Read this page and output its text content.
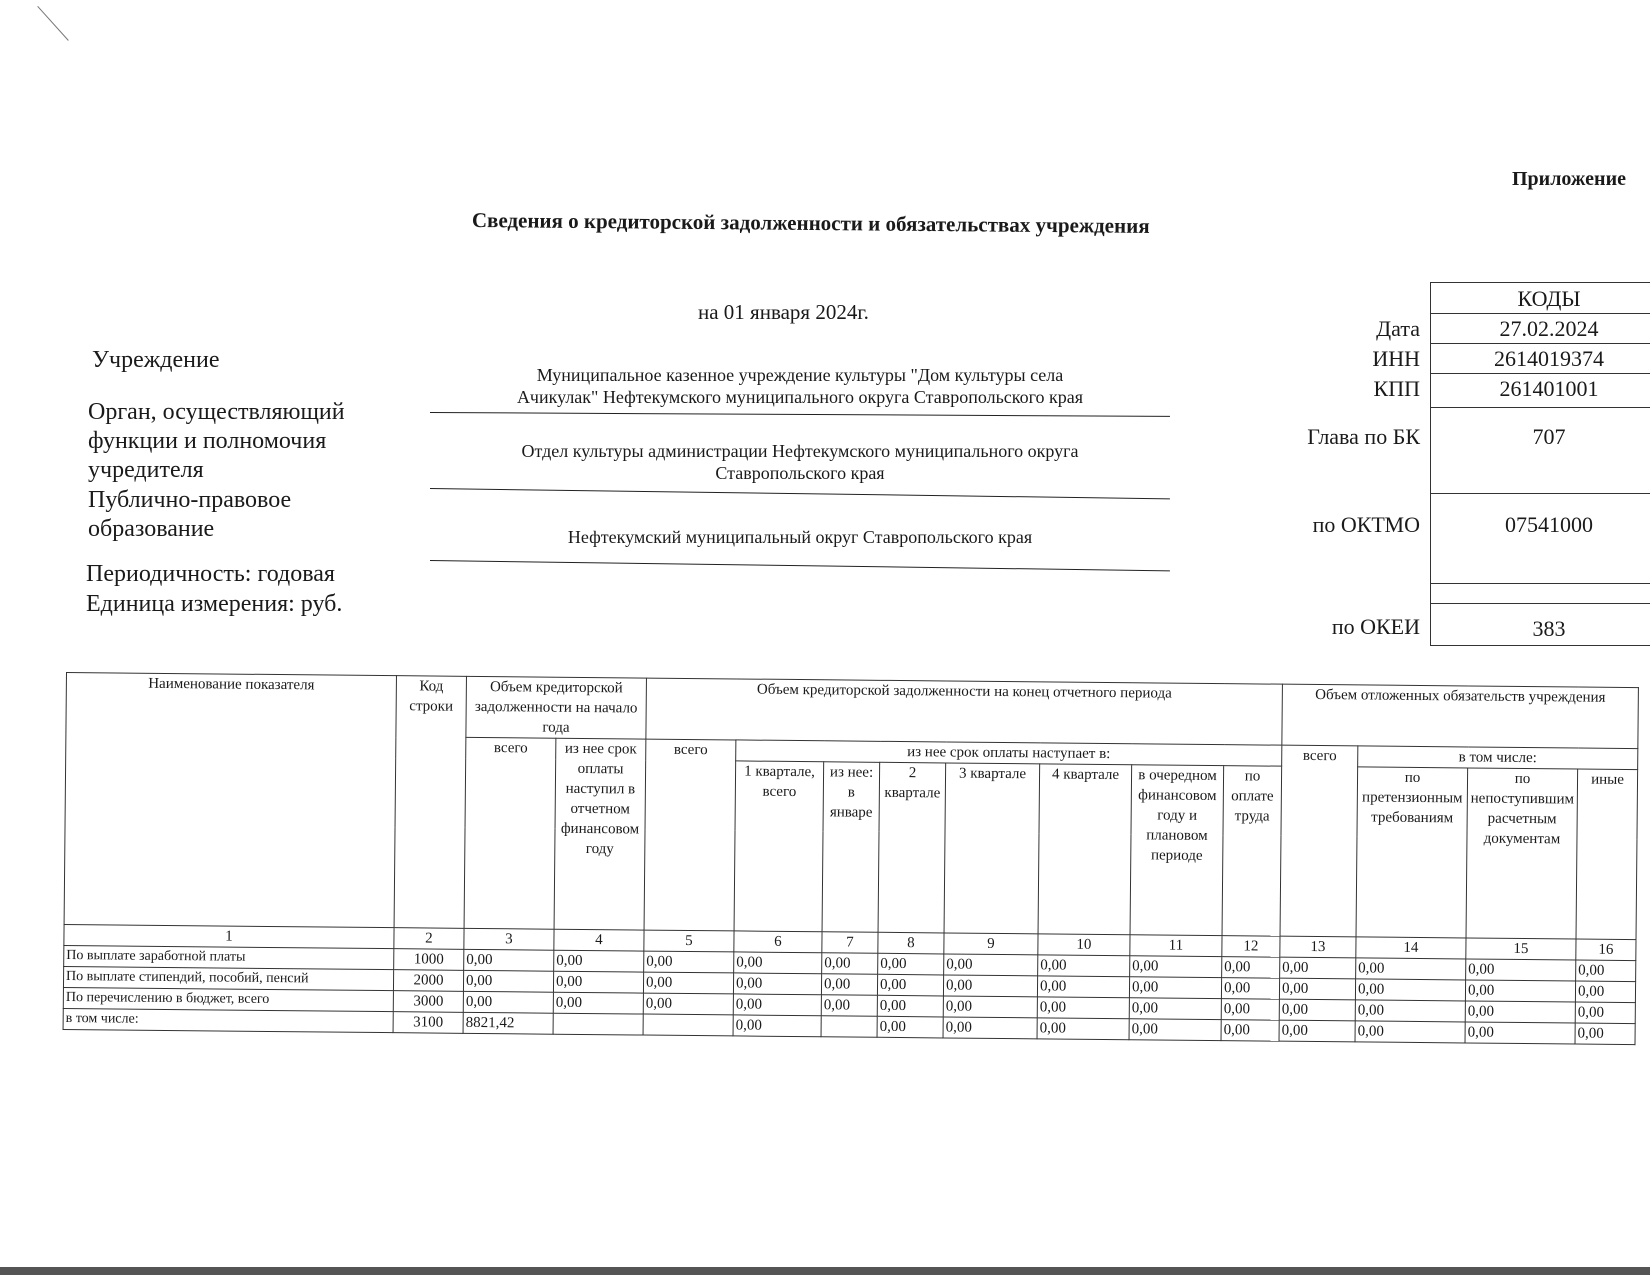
Приложение
Сведения о кредиторской задолженности и обязательствах учреждения
на 01 января 2024г.
Учреждение
Орган, осуществляющий
функции и полномочия
учредителя
Публично-правовое
образование
Периодичность: годовая
Единица измерения: руб.
Муниципальное казенное учреждение культуры "Дом культуры села
Ачикулак" Нефтекумского муниципального округа Ставропольского края
Отдел культуры администрации Нефтекумского муниципального округа
Ставропольского края
Нефтекумский муниципальный округ Ставропольского края
КОДЫ
Дата	27.02.2024
ИНН	2614019374
КПП	261401001
Глава по БК	707
по ОКТМО	07541000
по ОКЕИ	383
Наименование показателя	Код строки	Объем кредиторской задолженности на начало года		Объем кредиторской задолженности на конец отчетного периода								Объем отложенных обязательств учреждения			
		всего	из нее срок оплаты наступил в отчетном финансовом году	всего	из нее срок оплаты наступает в:							всего	в том числе:		
					1 квартале, всего	из нее: в январе	2 квартале	3 квартале	4 квартале	в очередном финансовом году и плановом периоде	по оплате труда		по претензионным требованиям	по непоступившим расчетным документам	иные

1	2	3	4	5	6	7	8	9	10	11	12	13	14	15	16
По выплате заработной платы	1000	0,00	0,00	0,00	0,00	0,00	0,00	0,00	0,00	0,00	0,00	0,00	0,00	0,00	0,00
По выплате стипендий, пособий, пенсий	2000	0,00	0,00	0,00	0,00	0,00	0,00	0,00	0,00	0,00	0,00	0,00	0,00	0,00	0,00
По перечислению в бюджет, всего	3000	0,00	0,00	0,00	0,00	0,00	0,00	0,00	0,00	0,00	0,00	0,00	0,00	0,00	0,00
в том числе:	3100	8821,42			0,00		0,00	0,00	0,00	0,00	0,00	0,00	0,00	0,00	0,00
